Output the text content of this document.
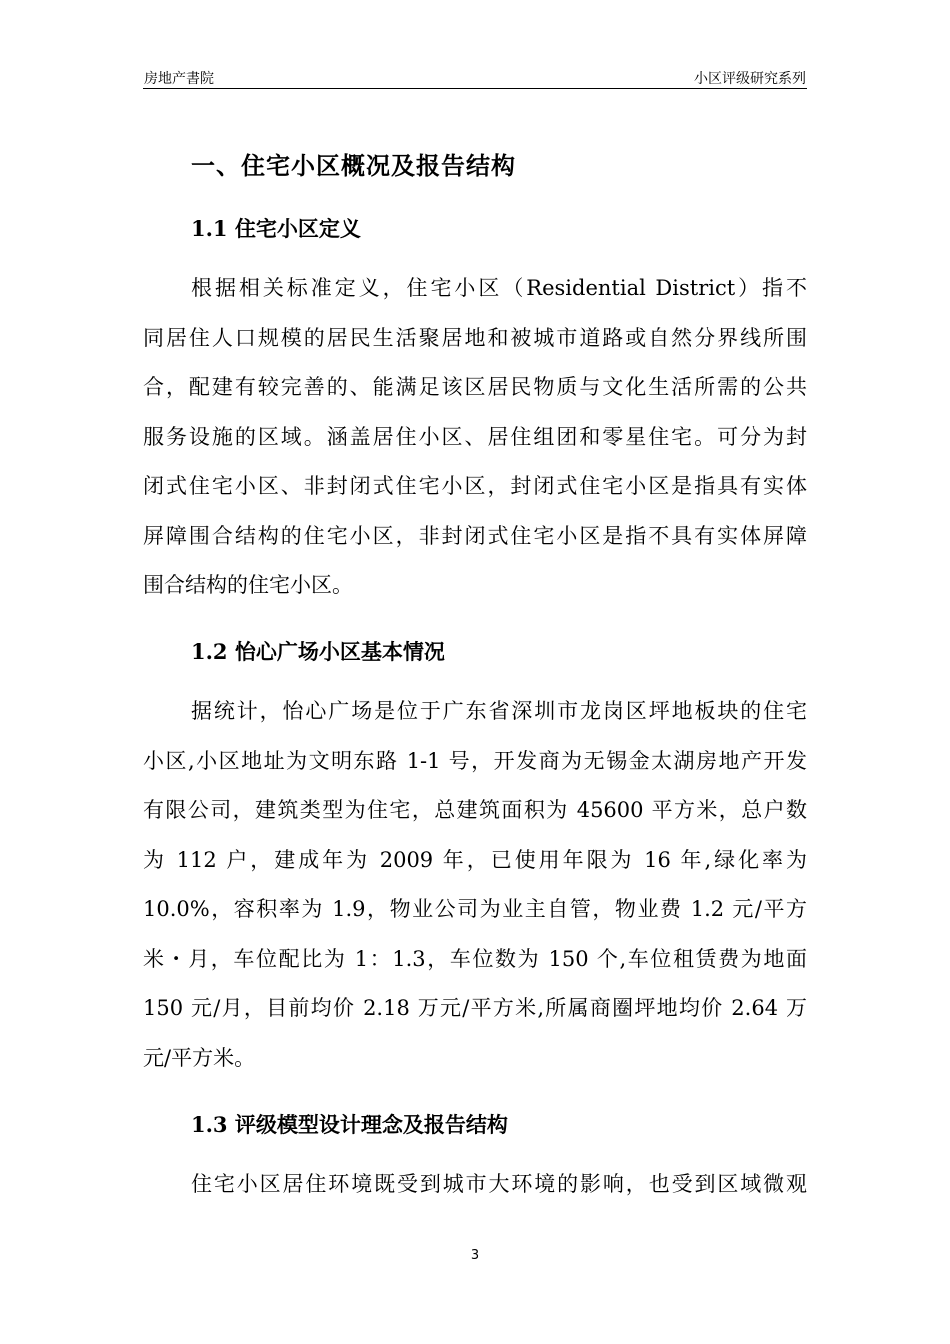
房地产書院	小区评级研究系列
一、住宅小区概况及报告结构
1.1 住宅小区定义
根据相关标准定义，住宅小区（Residential District）指不
同居住人口规模的居民生活聚居地和被城市道路或自然分界线所围
合，配建有较完善的、能满足该区居民物质与文化生活所需的公共
服务设施的区域。涵盖居住小区、居住组团和零星住宅。可分为封
闭式住宅小区、非封闭式住宅小区，封闭式住宅小区是指具有实体
屏障围合结构的住宅小区，非封闭式住宅小区是指不具有实体屏障
围合结构的住宅小区。
1.2 怡心广场小区基本情况
据统计，怡心广场是位于广东省深圳市龙岗区坪地板块的住宅
小区,小区地址为文明东路 1-1 号，开发商为无锡金太湖房地产开发
有限公司，建筑类型为住宅，总建筑面积为 45600 平方米，总户数
为 112 户，建成年为 2009 年，已使用年限为 16 年,绿化率为
10.0%，容积率为 1.9，物业公司为业主自管，物业费 1.2 元/平方
米・月，车位配比为 1：1.3，车位数为 150 个,车位租赁费为地面
150 元/月，目前均价 2.18 万元/平方米,所属商圈坪地均价 2.64 万
元/平方米。
1.3 评级模型设计理念及报告结构
住宅小区居住环境既受到城市大环境的影响，也受到区域微观
3
